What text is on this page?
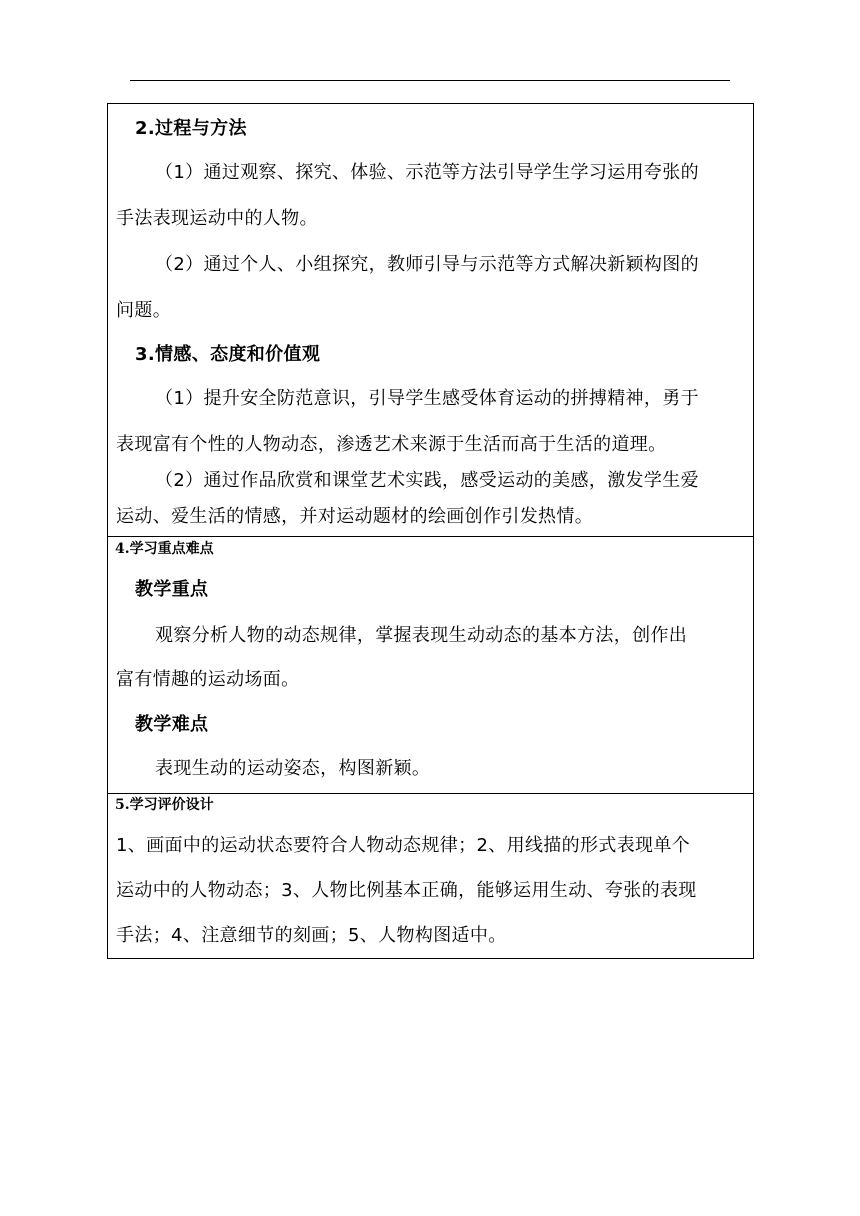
2.过程与方法
（1）通过观察、探究、体验、示范等方法引导学生学习运用夸张的
手法表现运动中的人物。
（2）通过个人、小组探究，教师引导与示范等方式解决新颖构图的
问题。
3.情感、态度和价值观
（1）提升安全防范意识，引导学生感受体育运动的拼搏精神，勇于
表现富有个性的人物动态，渗透艺术来源于生活而高于生活的道理。
（2）通过作品欣赏和课堂艺术实践，感受运动的美感，激发学生爱
运动、爱生活的情感，并对运动题材的绘画创作引发热情。

4.学习重点难点
教学重点
观察分析人物的动态规律，掌握表现生动动态的基本方法，创作出
富有情趣的运动场面。
教学难点
表现生动的运动姿态，构图新颖。

5.学习评价设计
1、画面中的运动状态要符合人物动态规律；2、用线描的形式表现单个
运动中的人物动态；3、人物比例基本正确，能够运用生动、夸张的表现
手法；4、注意细节的刻画；5、人物构图适中。
